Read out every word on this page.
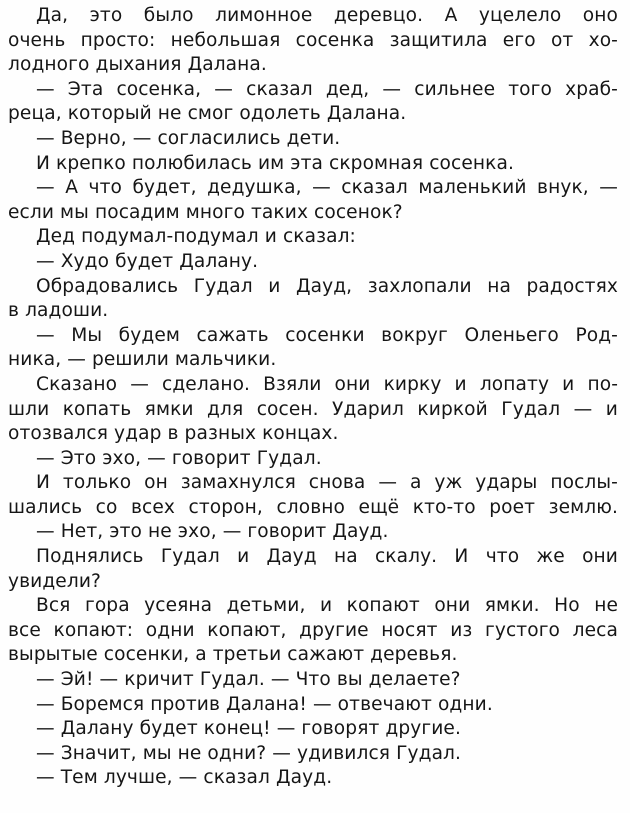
Да, это было лимонное деревцо. А уцелело оно
очень просто: небольшая сосенка защитила его от хо-
лодного дыхания Далана.
— Эта сосенка, — сказал дед, — сильнее того храб-
реца, который не смог одолеть Далана.
— Верно, — согласились дети.
И крепко полюбилась им эта скромная сосенка.
— А что будет, дедушка, — сказал маленький внук, —
если мы посадим много таких сосенок?
Дед подумал-подумал и сказал:
— Худо будет Далану.
Обрадовались Гудал и Дауд, захлопали на радостях
в ладоши.
— Мы будем сажать сосенки вокруг Оленьего Род-
ника, — решили мальчики.
Сказано — сделано. Взяли они кирку и лопату и по-
шли копать ямки для сосен. Ударил киркой Гудал — и
отозвался удар в разных концах.
— Это эхо, — говорит Гудал.
И только он замахнулся снова — а уж удары послы-
шались со всех сторон, словно ещё кто-то роет землю.
— Нет, это не эхо, — говорит Дауд.
Поднялись Гудал и Дауд на скалу. И что же они
увидели?
Вся гора усеяна детьми, и копают они ямки. Но не
все копают: одни копают, другие носят из густого леса
вырытые сосенки, а третьи сажают деревья.
— Эй! — кричит Гудал. — Что вы делаете?
— Боремся против Далана! — отвечают одни.
— Далану будет конец! — говорят другие.
— Значит, мы не одни? — удивился Гудал.
— Тем лучше, — сказал Дауд.
